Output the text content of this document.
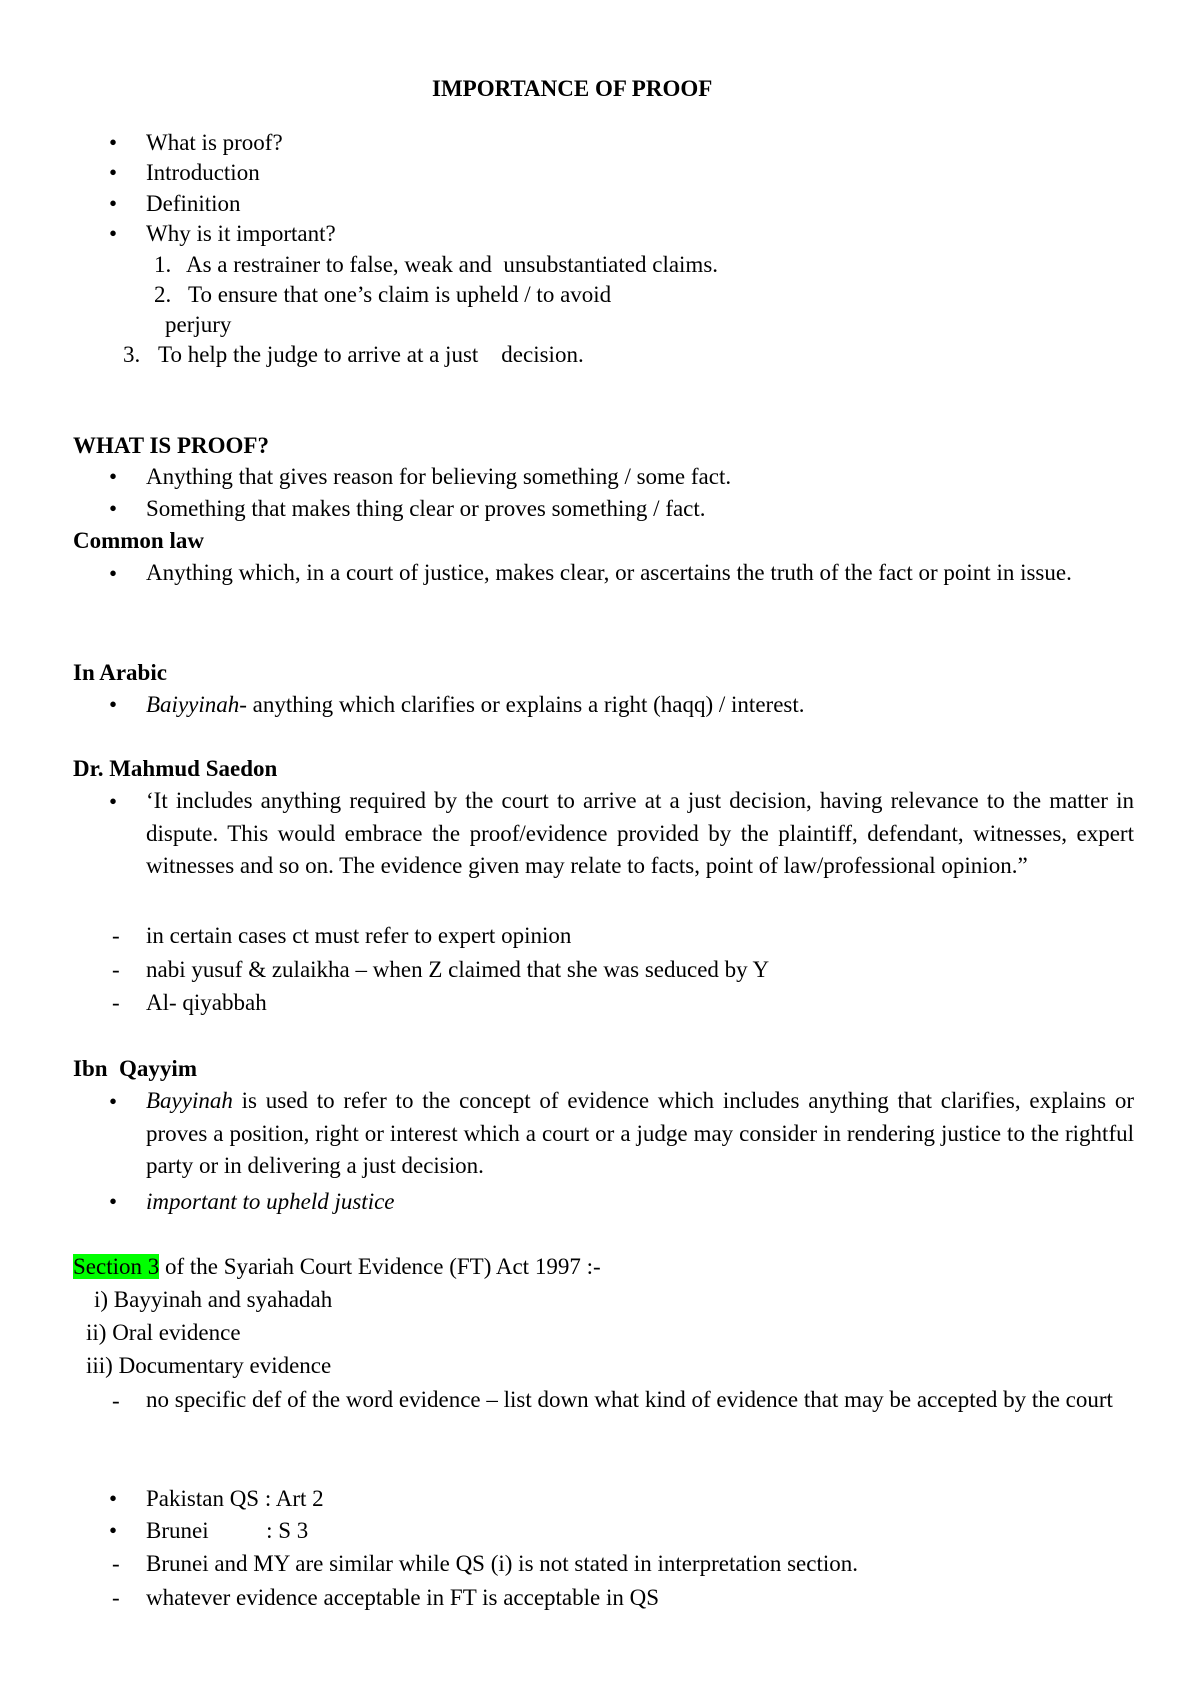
IMPORTANCE OF PROOF
• What is proof?
• Introduction
• Definition
• Why is it important?
1. As a restrainer to false, weak and  unsubstantiated claims.
2. To ensure that one’s claim is upheld / to avoid
perjury
3. To help the judge to arrive at a just    decision.
WHAT IS PROOF?
• Anything that gives reason for believing something / some fact.
• Something that makes thing clear or proves something / fact.
Common law
• Anything which, in a court of justice, makes clear, or ascertains the truth of the fact or point in issue.
In Arabic
• Baiyyinah- anything which clarifies or explains a right (haqq) / interest.
Dr. Mahmud Saedon
• ‘It includes anything required by the court to arrive at a just decision, having relevance to the matter in dispute. This would embrace the proof/evidence provided by the plaintiff, defendant, witnesses, expert witnesses and so on. The evidence given may relate to facts, point of law/professional opinion.”
- in certain cases ct must refer to expert opinion
- nabi yusuf & zulaikha – when Z claimed that she was seduced by Y
- Al- qiyabbah
Ibn  Qayyim
• Bayyinah is used to refer to the concept of evidence which includes anything that clarifies, explains or proves a position, right or interest which a court or a judge may consider in rendering justice to the rightful party or in delivering a just decision.
• important to upheld justice
Section 3 of the Syariah Court Evidence (FT) Act 1997 :-
i) Bayyinah and syahadah
ii) Oral evidence
iii) Documentary evidence
- no specific def of the word evidence – list down what kind of evidence that may be accepted by the court
• Pakistan QS : Art 2
• Brunei          : S 3
- Brunei and MY are similar while QS (i) is not stated in interpretation section.
- whatever evidence acceptable in FT is acceptable in QS
